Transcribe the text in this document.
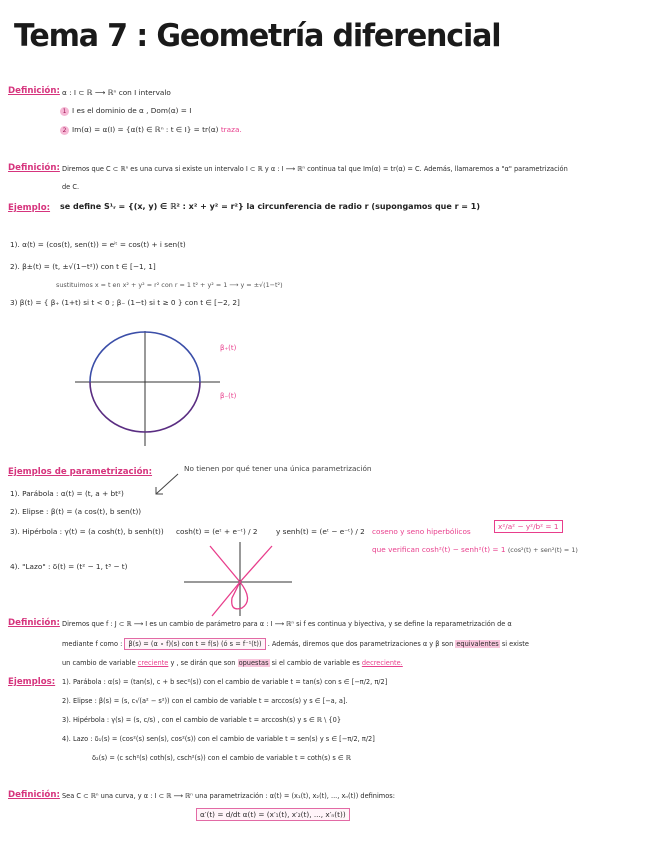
Tema 7 : Geometría diferencial
Definición: α : I ⊂ ℝ ⟶ ℝⁿ con I intervalo
1 I es el dominio de α , Dom(α) = I
2 Im(α) = α(I) = {α(t) ∈ ℝⁿ : t ∈ I} = tr(α) traza.
Definición: Diremos que C ⊂ ℝⁿ es una curva si existe un intervalo I ⊂ ℝ y α : I ⟶ ℝⁿ continua tal que Im(α) = tr(α) = C. Además, llamaremos a "α" parametrización
de C.
Ejemplo: se define S¹ᵣ = {(x, y) ∈ ℝ² : x² + y² = r²} la circunferencia de radio r (supongamos que r = 1)
1). α(t) = (cos(t), sen(t)) = eⁱᵗ = cos(t) + i sen(t)
2). β±(t) = (t, ±√(1−t²)) con t ∈ [−1, 1]
sustituimos x = t en x² + y² = r² con r = 1 t² + y² = 1 ⟶ y = ±√(1−t²)
3) β(t) = { β₊ (1+t) si t < 0 ; β₋ (1−t) si t ≥ 0 } con t ∈ [−2, 2]
β₊(t)
β₋(t)
Ejemplos de parametrización:	No tienen por qué tener una única parametrización
1). Parábola : α(t) = (t, a + bt²)
2). Elipse : β(t) = (a cos(t), b sen(t))
3). Hipérbola : γ(t) = (a cosh(t), b senh(t)) cosh(t) = (eᵗ + e⁻ᵗ) / 2	y senh(t) = (eᵗ − e⁻ᵗ) / 2 coseno y seno hiperbólicos
x²/a² − y²/b² = 1
que verifican cosh²(t) − senh²(t) = 1 (cos²(t) + sen²(t) = 1)
4). "Lazo" : δ(t) = (t² − 1, t³ − t)
Definición: Diremos que f : J ⊂ ℝ ⟶ I es un cambio de parámetro para α : I ⟶ ℝⁿ si f es continua y biyectiva, y se define la reparametrización de α
mediante f como : β(s) = (α ∘ f)(s) con t = f(s) (ó s = f⁻¹(t)) . Además, diremos que dos parametrizaciones α y β son equivalentes si existe
un cambio de variable creciente y , se dirán que son opuestas si el cambio de variable es decreciente.
Ejemplos: 1). Parábola : α(s) = (tan(s), c + b sec²(s)) con el cambio de variable t = tan(s) con s ∈ [−π/2, π/2]
2). Elipse : β(s) = (s, c√(a² − s²)) con el cambio de variable t = arccos(s) y s ∈ [−a, a].
3). Hipérbola : γ(s) = (s, c/s) , con el cambio de variable t = arccosh(s) y s ∈ ℝ \ {0}
4). Lazo : δ₁(s) = (cos²(s) sen(s), cos²(s)) con el cambio de variable t = sen(s) y s ∈ [−π/2, π/2]
δ₂(s) = (c sch²(s) coth(s), csch²(s)) con el cambio de variable t = coth(s) s ∈ ℝ
Definición: Sea C ⊂ ℝⁿ una curva, y α : I ⊂ ℝ ⟶ ℝⁿ una parametrización : α(t) = (x₁(t), x₂(t), ..., xₙ(t)) definimos:
α′(t) = d/dt α(t) = (x′₁(t), x′₂(t), ..., x′ₙ(t))
